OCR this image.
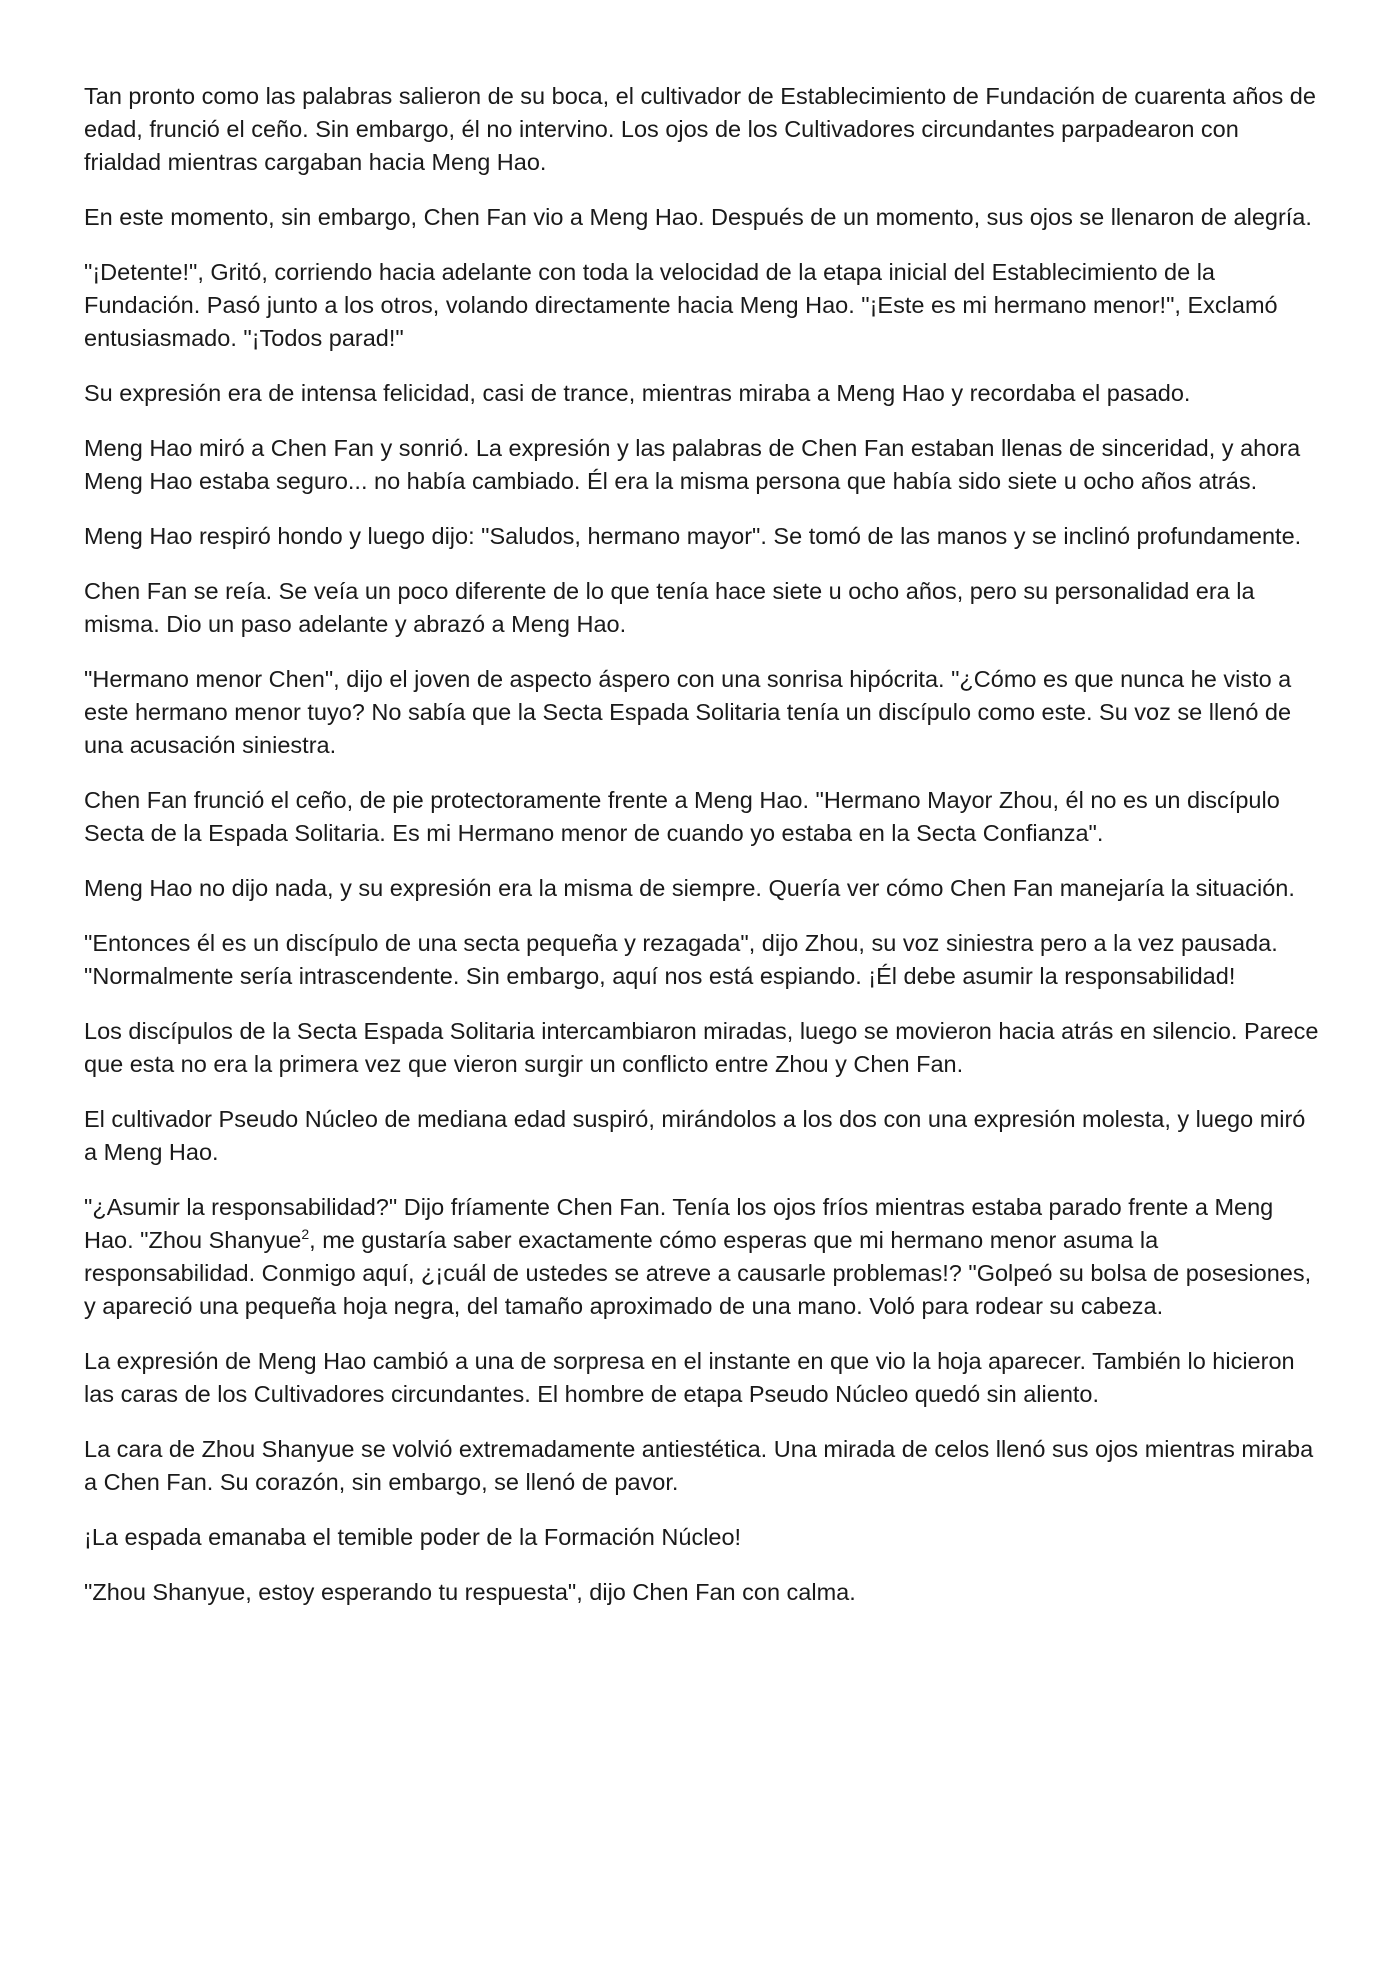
Tan pronto como las palabras salieron de su boca, el cultivador de Establecimiento de Fundación de cuarenta años de edad, frunció el ceño. Sin embargo, él no intervino. Los ojos de los Cultivadores circundantes parpadearon con frialdad mientras cargaban hacia Meng Hao.

En este momento, sin embargo, Chen Fan vio a Meng Hao. Después de un momento, sus ojos se llenaron de alegría.

"¡Detente!", Gritó, corriendo hacia adelante con toda la velocidad de la etapa inicial del Establecimiento de la Fundación. Pasó junto a los otros, volando directamente hacia Meng Hao. "¡Este es mi hermano menor!", Exclamó entusiasmado. "¡Todos parad!"

Su expresión era de intensa felicidad, casi de trance, mientras miraba a Meng Hao y recordaba el pasado.

Meng Hao miró a Chen Fan y sonrió. La expresión y las palabras de Chen Fan estaban llenas de sinceridad, y ahora Meng Hao estaba seguro... no había cambiado. Él era la misma persona que había sido siete u ocho años atrás.

Meng Hao respiró hondo y luego dijo: "Saludos, hermano mayor". Se tomó de las manos y se inclinó profundamente.

Chen Fan se reía. Se veía un poco diferente de lo que tenía hace siete u ocho años, pero su personalidad era la misma. Dio un paso adelante y abrazó a Meng Hao.

"Hermano menor Chen", dijo el joven de aspecto áspero con una sonrisa hipócrita. "¿Cómo es que nunca he visto a este hermano menor tuyo? No sabía que la Secta Espada Solitaria tenía un discípulo como este. Su voz se llenó de una acusación siniestra.

Chen Fan frunció el ceño, de pie protectoramente frente a Meng Hao. "Hermano Mayor Zhou, él no es un discípulo Secta de la Espada Solitaria. Es mi Hermano menor de cuando yo estaba en la Secta Confianza".

Meng Hao no dijo nada, y su expresión era la misma de siempre. Quería ver cómo Chen Fan manejaría la situación.

"Entonces él es un discípulo de una secta pequeña y rezagada", dijo Zhou, su voz siniestra pero a la vez pausada. "Normalmente sería intrascendente. Sin embargo, aquí nos está espiando. ¡Él debe asumir la responsabilidad!

Los discípulos de la Secta Espada Solitaria intercambiaron miradas, luego se movieron hacia atrás en silencio. Parece que esta no era la primera vez que vieron surgir un conflicto entre Zhou y Chen Fan.

El cultivador Pseudo Núcleo de mediana edad suspiró, mirándolos a los dos con una expresión molesta, y luego miró a Meng Hao.

"¿Asumir la responsabilidad?" Dijo fríamente Chen Fan. Tenía los ojos fríos mientras estaba parado frente a Meng Hao. "Zhou Shanyue$^2$, me gustaría saber exactamente cómo esperas que mi hermano menor asuma la responsabilidad. Conmigo aquí, ¿¡cuál de ustedes se atreve a causarle problemas!? "Golpeó su bolsa de posesiones, y apareció una pequeña hoja negra, del tamaño aproximado de una mano. Voló para rodear su cabeza.

La expresión de Meng Hao cambió a una de sorpresa en el instante en que vio la hoja aparecer. También lo hicieron las caras de los Cultivadores circundantes. El hombre de etapa Pseudo Núcleo quedó sin aliento.

La cara de Zhou Shanyue se volvió extremadamente antiestética. Una mirada de celos llenó sus ojos mientras miraba a Chen Fan. Su corazón, sin embargo, se llenó de pavor.

¡La espada emanaba el temible poder de la Formación Núcleo!

"Zhou Shanyue, estoy esperando tu respuesta", dijo Chen Fan con calma.
